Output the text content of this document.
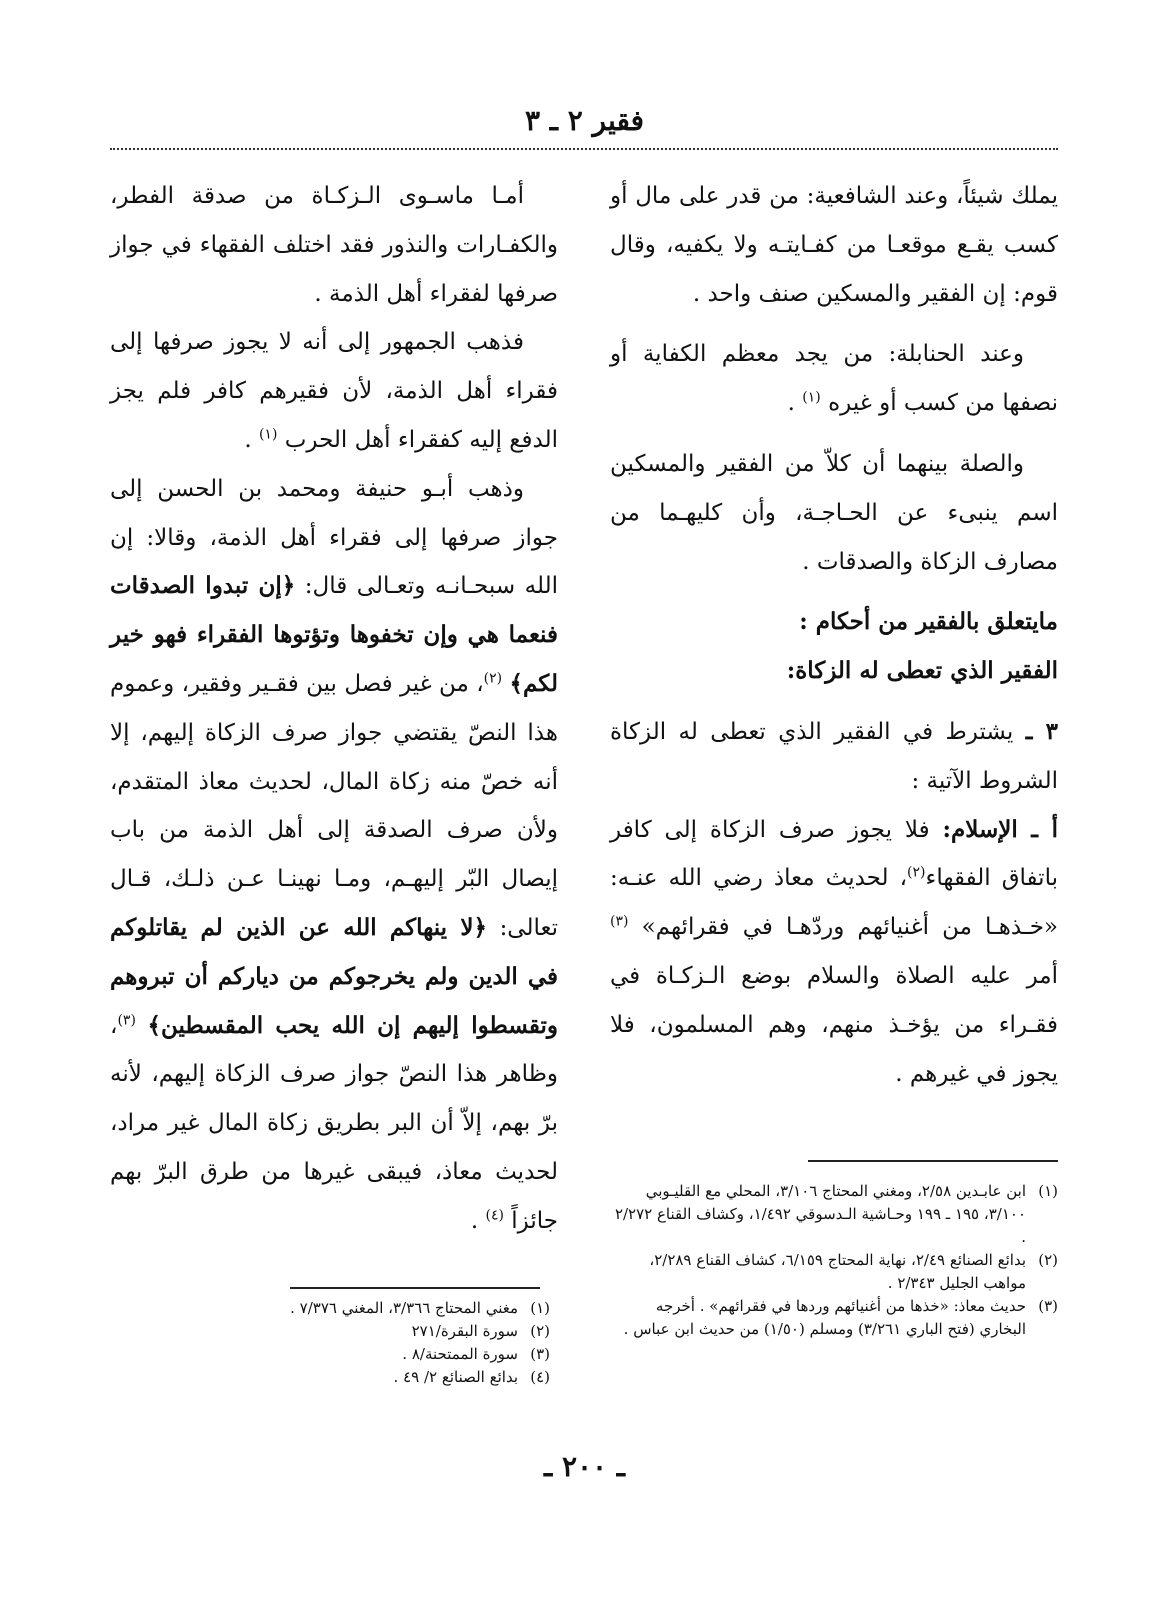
فقير ٢ ـ ٣

يملك شيئاً، وعند الشافعية: من قدر على مال أو كسب يقـع موقعـا من كفـايتـه ولا يكفيه، وقال قوم: إن الفقير والمسكين صنف واحد .

وعند الحنابلة: من يجد معظم الكفاية أو نصفها من كسب أو غيره $^{(١)}$ .

والصلة بينهما أن كلاّ من الفقير والمسكين اسم ينبىء عن الحـاجـة، وأن كليهـما من مصارف الزكاة والصدقات .

مايتعلق بالفقير من أحكام :

الفقير الذي تعطى له الزكاة:

٣ ـ يشترط في الفقير الذي تعطى له الزكاة الشروط الآتية :

أ ـ الإسلام: فلا يجوز صرف الزكاة إلى كافر باتفاق الفقهاء$^{(٢)}$، لحديث معاذ رضي الله عنـه: «خـذهـا من أغنيائهم وردّهـا في فقرائهم» $^{(٣)}$ أمر عليه الصلاة والسلام بوضع الـزكـاة في فقـراء من يؤخـذ منهم، وهم المسلمون، فلا يجوز في غيرهم .

أمـا ماسـوى الـزكـاة من صدقة الفطر، والكفـارات والنذور فقد اختلف الفقهاء في جواز صرفها لفقراء أهل الذمة .

فذهب الجمهور إلى أنه لا يجوز صرفها إلى فقراء أهل الذمة، لأن فقيرهم كافر فلم يجز الدفع إليه كفقراء أهل الحرب $^{(١)}$ .

وذهب أبـو حنيفة ومحمد بن الحسن إلى جواز صرفها إلى فقراء أهل الذمة، وقالا: إن الله سبحـانـه وتعـالى قال: ﴿إن تبدوا الصدقات فنعما هي وإن تخفوها وتؤتوها الفقراء فهو خير لكم﴾ $^{(٢)}$، من غير فصل بين فقـير وفقير، وعموم هذا النصّ يقتضي جواز صرف الزكاة إليهم، إلا أنه خصّ منه زكاة المال، لحديث معاذ المتقدم، ولأن صرف الصدقة إلى أهل الذمة من باب إيصال البّر إليهـم، ومـا نهينـا عـن ذلـك، قـال تعالى: ﴿لا ينهاكم الله عن الذين لم يقاتلوكم في الدين ولم يخرجوكم من دياركم أن تبروهم وتقسطوا إليهم إن الله يحب المقسطين﴾ $^{(٣)}$، وظاهر هذا النصّ جواز صرف الزكاة إليهم، لأنه برّ بهم، إلاّ أن البر بطريق زكاة المال غير مراد، لحديث معاذ، فيبقى غيرها من طرق البرّ بهم جائزاً $^{(٤)}$ .

(١)
ابن عابـدين ٢/٥٨، ومغني المحتاج ٣/١٠٦، المحلي مع القليـوبي ٣/١٠٠، ١٩٥ ـ ١٩٩ وحـاشية الـدسوقي ١/٤٩٢، وكشاف القناع ٢/٢٧٢ .

(٢)
بدائع الصنائع ٢/٤٩، نهاية المحتاج ٦/١٥٩، كشاف القناع ٢/٢٨٩، مواهب الجليل ٢/٣٤٣ .

(٣)
حديث معاذ: «خذها من أغنيائهم وردها في فقرائهم» . أخرجه البخاري (فتح الباري ٣/٢٦١) ومسلم (١/٥٠) من حديث ابن عباس .

(١)
مغني المحتاج ٣/٣٦٦، المغني ٧/٣٧٦ .

(٢)
سورة البقرة/٢٧١

(٣)
سورة الممتحنة/٨ .

(٤)
بدائع الصنائع ٢/ ٤٩ .

ـ ٢٠٠ ـ
